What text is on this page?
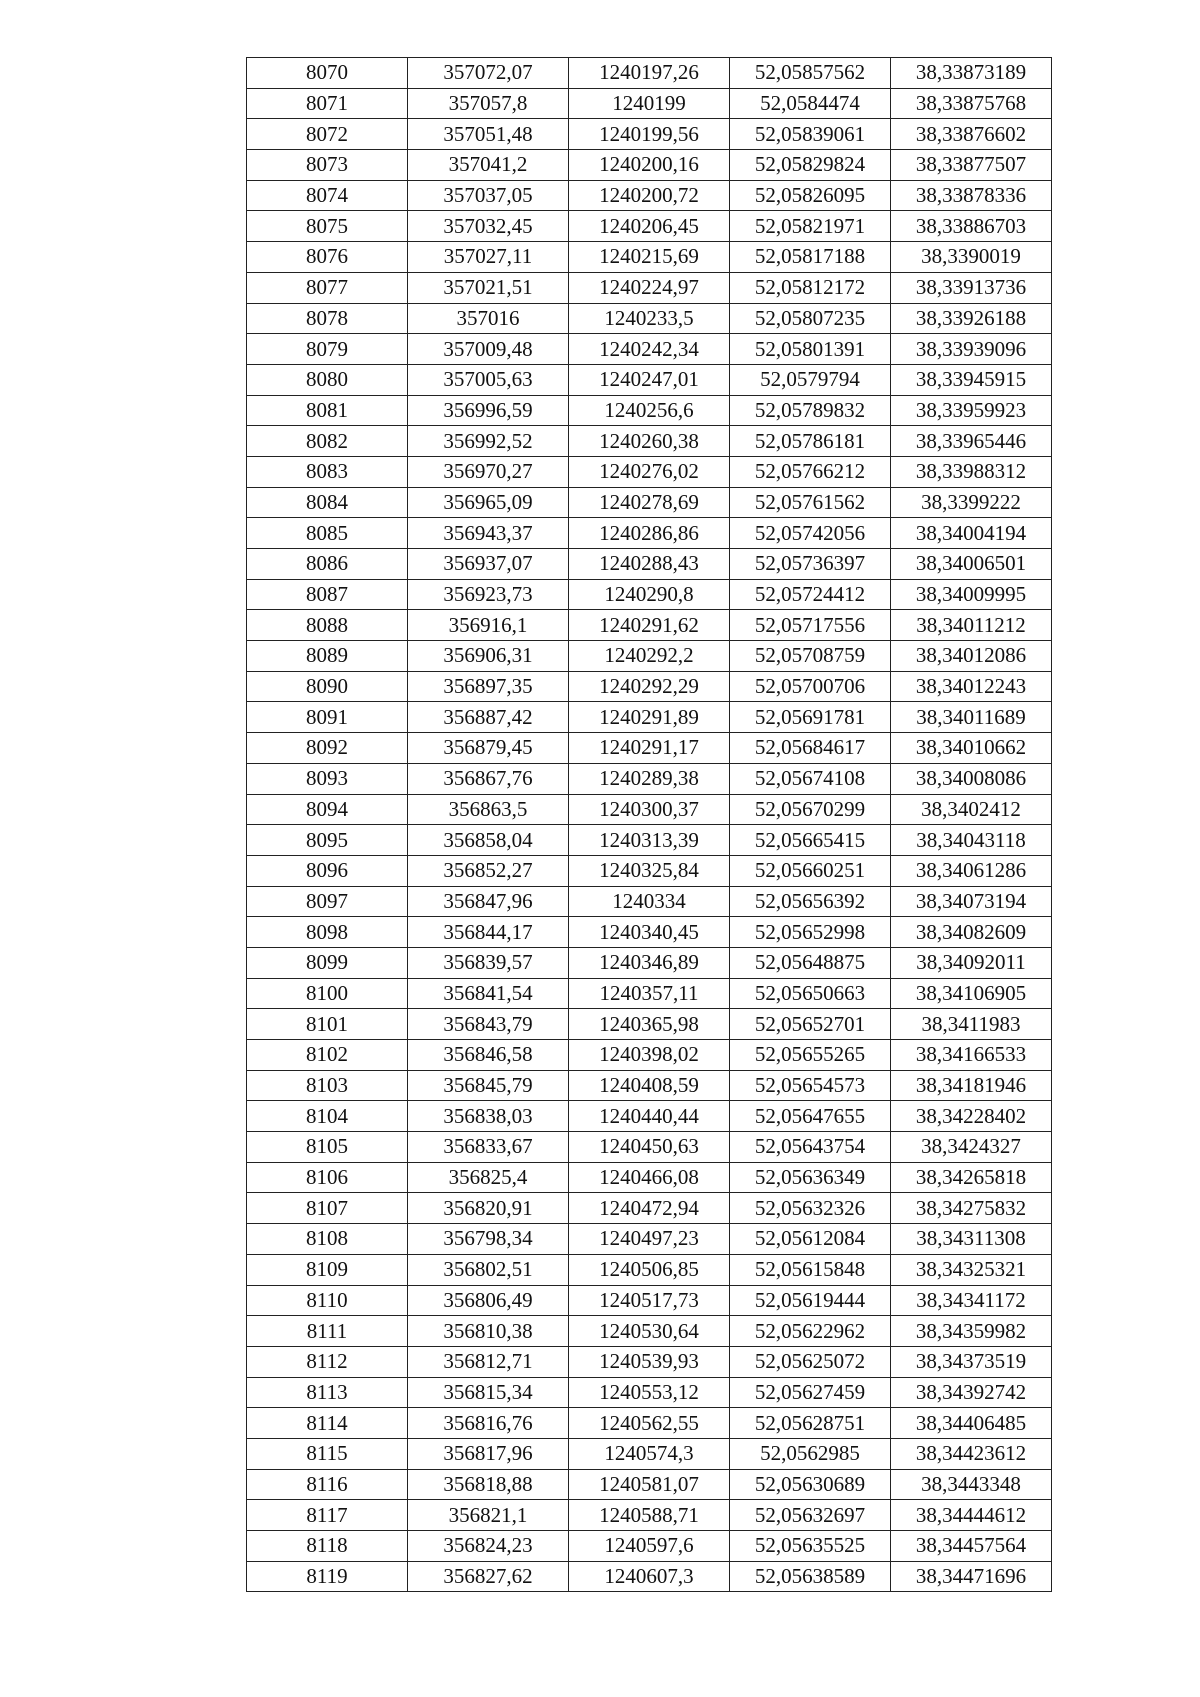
8070	357072,07	1240197,26	52,05857562	38,33873189
8071	357057,8	1240199	52,0584474	38,33875768
8072	357051,48	1240199,56	52,05839061	38,33876602
8073	357041,2	1240200,16	52,05829824	38,33877507
8074	357037,05	1240200,72	52,05826095	38,33878336
8075	357032,45	1240206,45	52,05821971	38,33886703
8076	357027,11	1240215,69	52,05817188	38,3390019
8077	357021,51	1240224,97	52,05812172	38,33913736
8078	357016	1240233,5	52,05807235	38,33926188
8079	357009,48	1240242,34	52,05801391	38,33939096
8080	357005,63	1240247,01	52,0579794	38,33945915
8081	356996,59	1240256,6	52,05789832	38,33959923
8082	356992,52	1240260,38	52,05786181	38,33965446
8083	356970,27	1240276,02	52,05766212	38,33988312
8084	356965,09	1240278,69	52,05761562	38,3399222
8085	356943,37	1240286,86	52,05742056	38,34004194
8086	356937,07	1240288,43	52,05736397	38,34006501
8087	356923,73	1240290,8	52,05724412	38,34009995
8088	356916,1	1240291,62	52,05717556	38,34011212
8089	356906,31	1240292,2	52,05708759	38,34012086
8090	356897,35	1240292,29	52,05700706	38,34012243
8091	356887,42	1240291,89	52,05691781	38,34011689
8092	356879,45	1240291,17	52,05684617	38,34010662
8093	356867,76	1240289,38	52,05674108	38,34008086
8094	356863,5	1240300,37	52,05670299	38,3402412
8095	356858,04	1240313,39	52,05665415	38,34043118
8096	356852,27	1240325,84	52,05660251	38,34061286
8097	356847,96	1240334	52,05656392	38,34073194
8098	356844,17	1240340,45	52,05652998	38,34082609
8099	356839,57	1240346,89	52,05648875	38,34092011
8100	356841,54	1240357,11	52,05650663	38,34106905
8101	356843,79	1240365,98	52,05652701	38,3411983
8102	356846,58	1240398,02	52,05655265	38,34166533
8103	356845,79	1240408,59	52,05654573	38,34181946
8104	356838,03	1240440,44	52,05647655	38,34228402
8105	356833,67	1240450,63	52,05643754	38,3424327
8106	356825,4	1240466,08	52,05636349	38,34265818
8107	356820,91	1240472,94	52,05632326	38,34275832
8108	356798,34	1240497,23	52,05612084	38,34311308
8109	356802,51	1240506,85	52,05615848	38,34325321
8110	356806,49	1240517,73	52,05619444	38,34341172
8111	356810,38	1240530,64	52,05622962	38,34359982
8112	356812,71	1240539,93	52,05625072	38,34373519
8113	356815,34	1240553,12	52,05627459	38,34392742
8114	356816,76	1240562,55	52,05628751	38,34406485
8115	356817,96	1240574,3	52,0562985	38,34423612
8116	356818,88	1240581,07	52,05630689	38,3443348
8117	356821,1	1240588,71	52,05632697	38,34444612
8118	356824,23	1240597,6	52,05635525	38,34457564
8119	356827,62	1240607,3	52,05638589	38,34471696
